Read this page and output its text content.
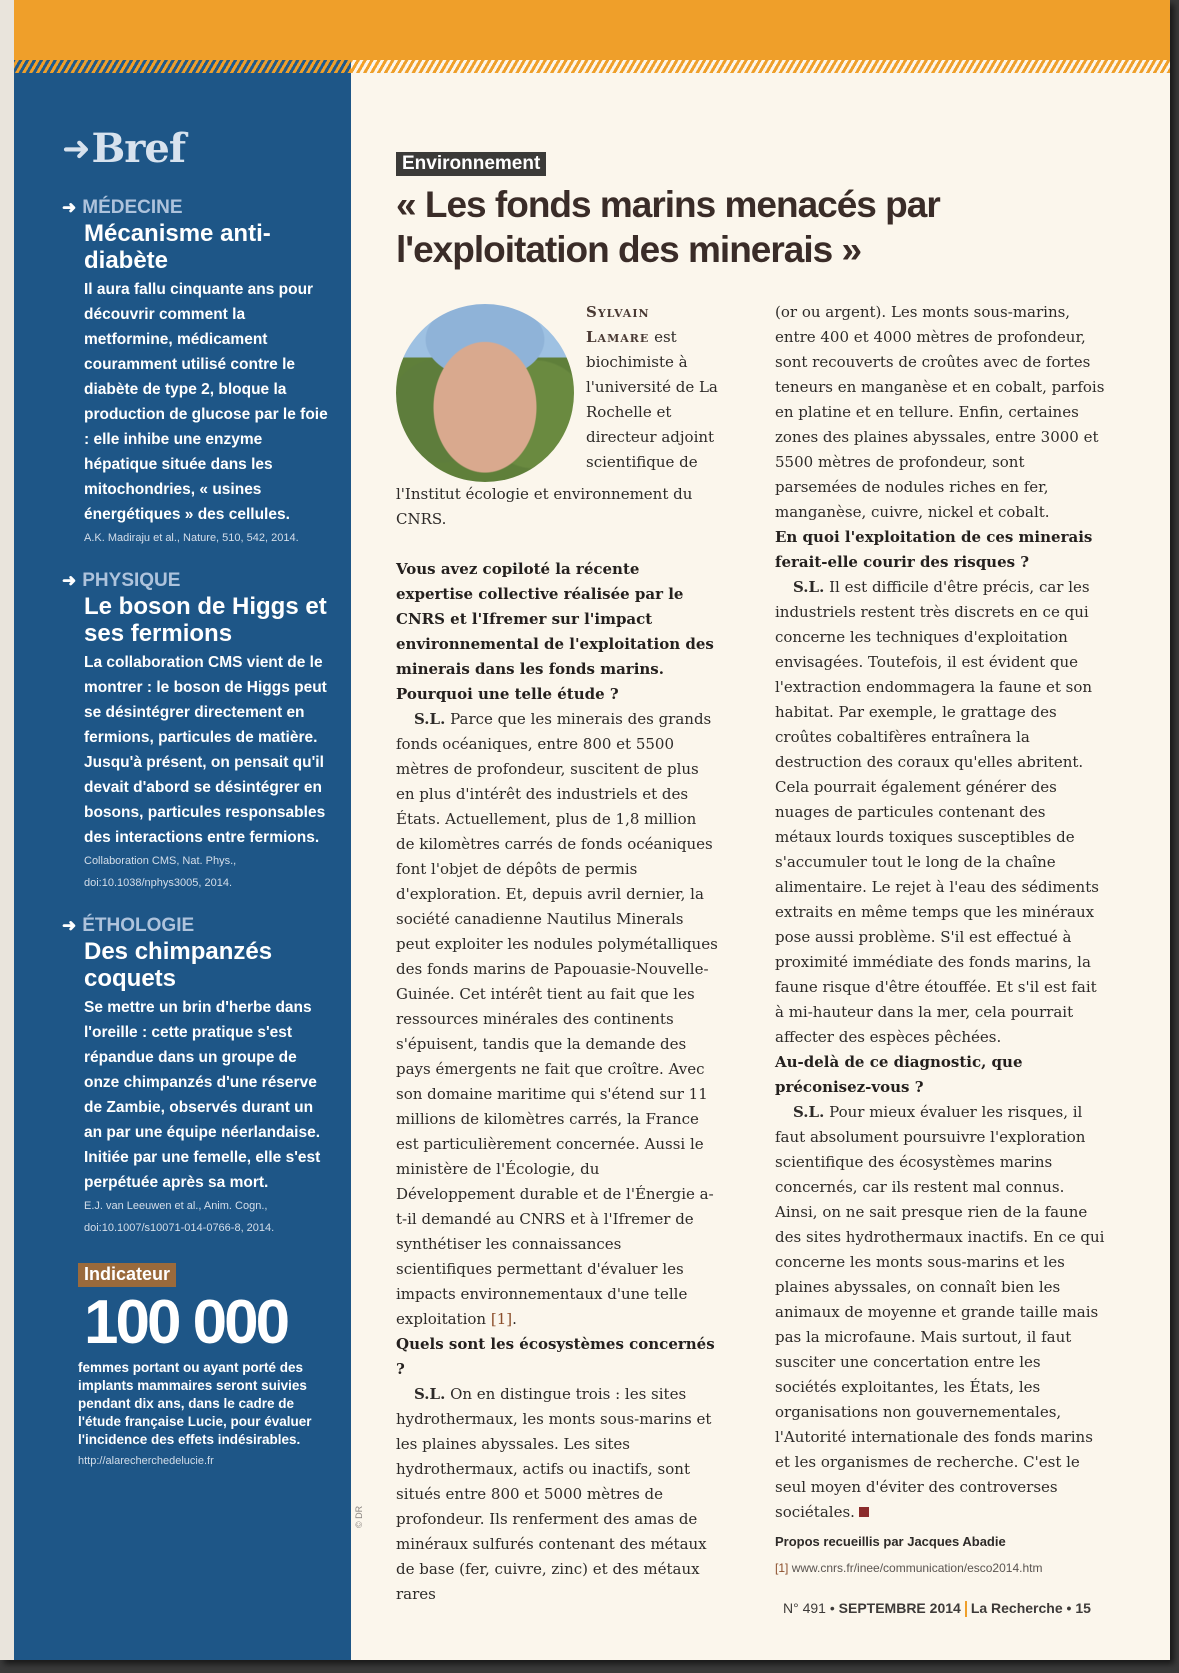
➜ Bref
➜ MÉDECINE
Mécanisme anti-diabète
Il aura fallu cinquante ans pour découvrir comment la metformine, médicament couramment utilisé contre le diabète de type 2, bloque la production de glucose par le foie : elle inhibe une enzyme hépatique située dans les mitochondries, « usines énergétiques » des cellules.
A.K. Madiraju et al., Nature, 510, 542, 2014.
➜ PHYSIQUE
Le boson de Higgs et ses fermions
La collaboration CMS vient de le montrer : le boson de Higgs peut se désintégrer directement en fermions, particules de matière. Jusqu'à présent, on pensait qu'il devait d'abord se désintégrer en bosons, particules responsables des interactions entre fermions.
Collaboration CMS, Nat. Phys., doi:10.1038/nphys3005, 2014.
➜ ÉTHOLOGIE
Des chimpanzés coquets
Se mettre un brin d'herbe dans l'oreille : cette pratique s'est répandue dans un groupe de onze chimpanzés d'une réserve de Zambie, observés durant un an par une équipe néerlandaise. Initiée par une femelle, elle s'est perpétuée après sa mort.
E.J. van Leeuwen et al., Anim. Cogn., doi:10.1007/s10071-014-0766-8, 2014.
Indicateur
100 000
femmes portant ou ayant porté des implants mammaires seront suivies pendant dix ans, dans le cadre de l'étude française Lucie, pour évaluer l'incidence des effets indésirables.
http://alarecherchedelucie.fr
Environnement
« Les fonds marins menacés par l'exploitation des minerais »
Sylvain Lamare est biochimiste à l'université de La Rochelle et directeur adjoint scientifique de

l'Institut écologie et environnement du CNRS.

Vous avez copiloté la récente expertise collective réalisée par le CNRS et l'Ifremer sur l'impact environnemental de l'exploitation des minerais dans les fonds marins. Pourquoi une telle étude ?

S.L. Parce que les minerais des grands fonds océaniques, entre 800 et 5500 mètres de profondeur, suscitent de plus en plus d'intérêt des industriels et des États. Actuellement, plus de 1,8 million de kilomètres carrés de fonds océaniques font l'objet de dépôts de permis d'exploration. Et, depuis avril dernier, la société canadienne Nautilus Minerals peut exploiter les nodules polymétalliques des fonds marins de Papouasie-Nouvelle-Guinée. Cet intérêt tient au fait que les ressources minérales des continents s'épuisent, tandis que la demande des pays émergents ne fait que croître. Avec son domaine maritime qui s'étend sur 11 millions de kilomètres carrés, la France est particulièrement concernée. Aussi le ministère de l'Écologie, du Développement durable et de l'Énergie a-t-il demandé au CNRS et à l'Ifremer de synthétiser les connaissances scientifiques permettant d'évaluer les impacts environnementaux d'une telle exploitation [1].

Quels sont les écosystèmes concernés ?

S.L. On en distingue trois : les sites hydrothermaux, les monts sous-marins et les plaines abyssales. Les sites hydrothermaux, actifs ou inactifs, sont situés entre 800 et 5000 mètres de profondeur. Ils renferment des amas de minéraux sulfurés contenant des métaux de base (fer, cuivre, zinc) et des métaux rares

(or ou argent). Les monts sous-marins, entre 400 et 4000 mètres de profondeur, sont recouverts de croûtes avec de fortes teneurs en manganèse et en cobalt, parfois en platine et en tellure. Enfin, certaines zones des plaines abyssales, entre 3000 et 5500 mètres de profondeur, sont parsemées de nodules riches en fer, manganèse, cuivre, nickel et cobalt.

En quoi l'exploitation de ces minerais ferait-elle courir des risques ?

S.L. Il est difficile d'être précis, car les industriels restent très discrets en ce qui concerne les techniques d'exploitation envisagées. Toutefois, il est évident que l'extraction endommagera la faune et son habitat. Par exemple, le grattage des croûtes cobaltifères entraînera la destruction des coraux qu'elles abritent. Cela pourrait également générer des nuages de particules contenant des métaux lourds toxiques susceptibles de s'accumuler tout le long de la chaîne alimentaire. Le rejet à l'eau des sédiments extraits en même temps que les minéraux pose aussi problème. S'il est effectué à proximité immédiate des fonds marins, la faune risque d'être étouffée. Et s'il est fait à mi-hauteur dans la mer, cela pourrait affecter des espèces pêchées.

Au-delà de ce diagnostic, que préconisez-vous ?

S.L. Pour mieux évaluer les risques, il faut absolument poursuivre l'exploration scientifique des écosystèmes marins concernés, car ils restent mal connus. Ainsi, on ne sait presque rien de la faune des sites hydrothermaux inactifs. En ce qui concerne les monts sous-marins et les plaines abyssales, on connaît bien les animaux de moyenne et grande taille mais pas la microfaune. Mais surtout, il faut susciter une concertation entre les sociétés exploitantes, les États, les organisations non gouvernementales, l'Autorité internationale des fonds marins et les organismes de recherche. C'est le seul moyen d'éviter des controverses sociétales.

Propos recueillis par Jacques Abadie

[1] www.cnrs.fr/inee/communication/esco2014.htm

© DR
N° 491 • SEPTEMBRE 2014 La Recherche • 15
